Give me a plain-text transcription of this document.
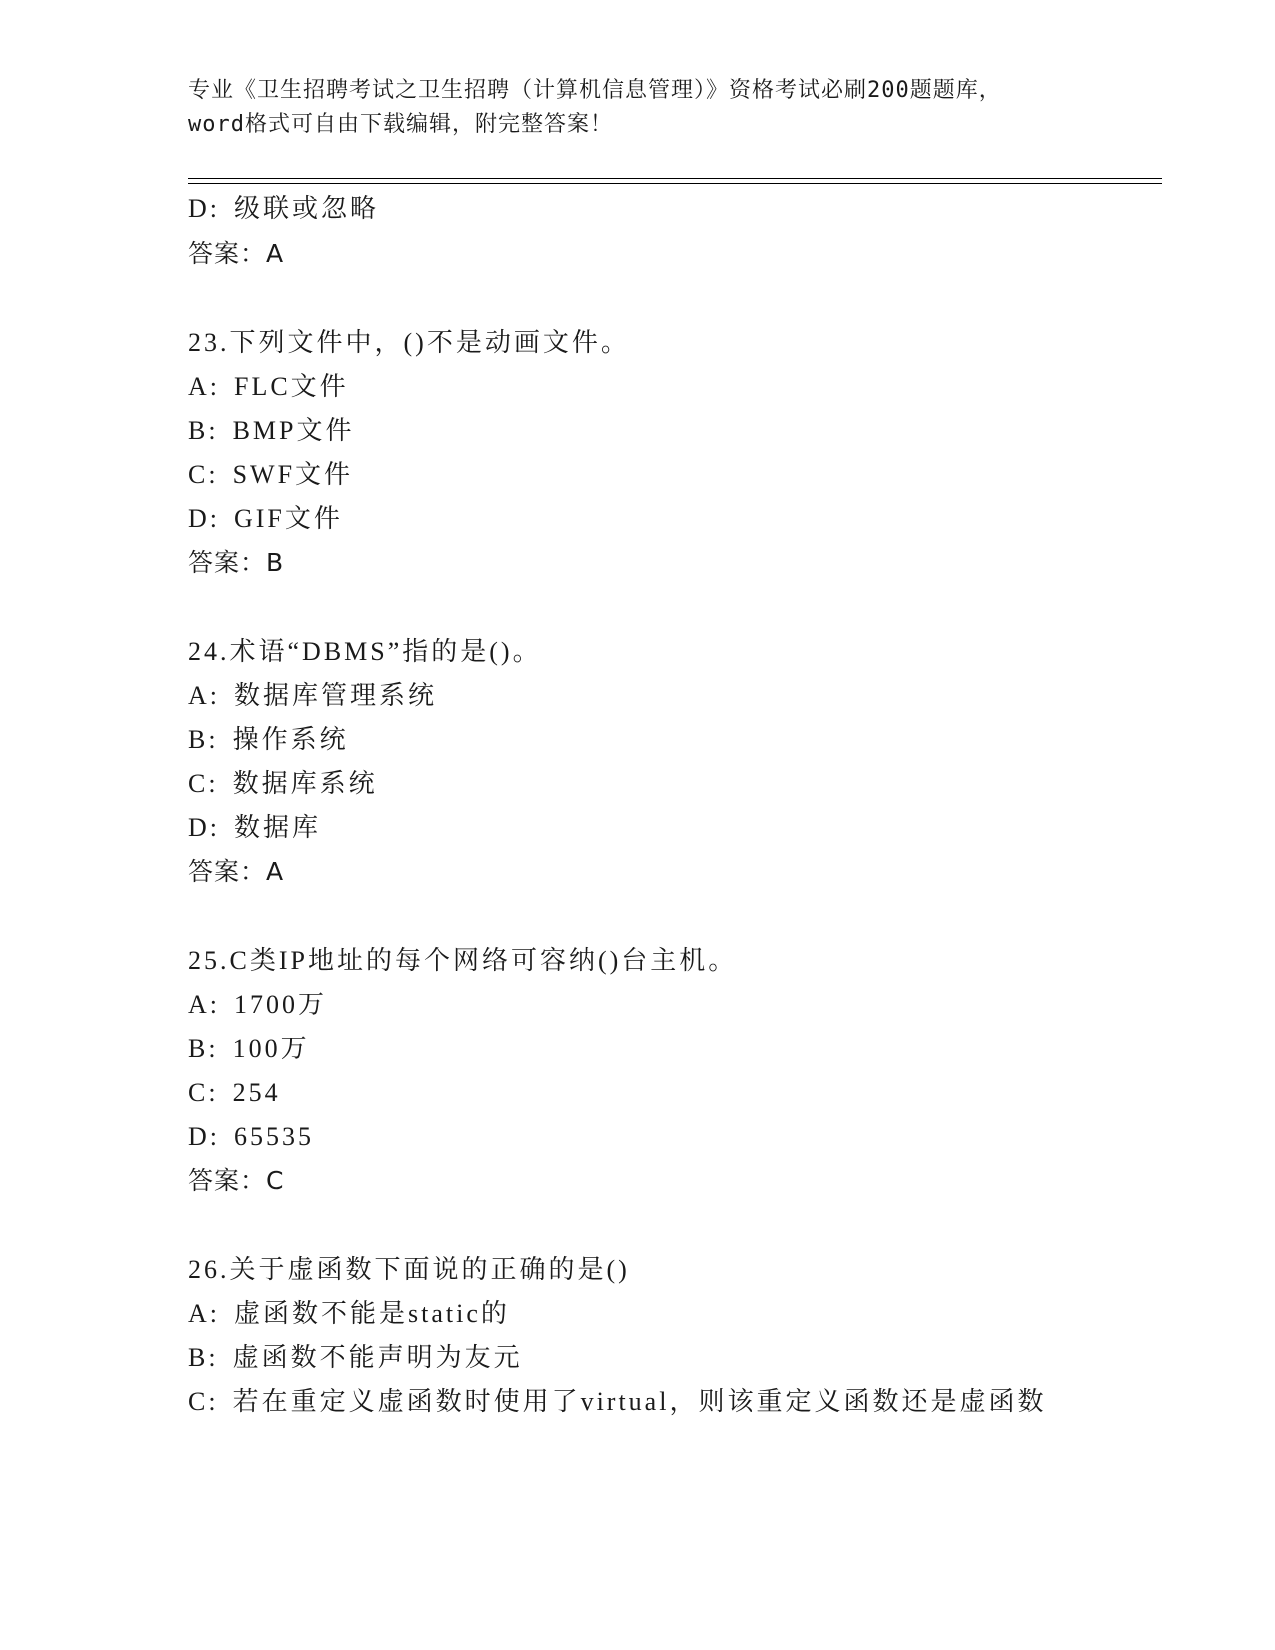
专业《卫生招聘考试之卫生招聘（计算机信息管理）》资格考试必刷200题题库，
word格式可自由下载编辑，附完整答案！
D: 级联或忽略
答案：A
23.下列文件中，()不是动画文件。
A: FLC文件
B: BMP文件
C: SWF文件
D: GIF文件
答案：B
24.术语“DBMS”指的是()。
A: 数据库管理系统
B: 操作系统
C: 数据库系统
D: 数据库
答案：A
25.C类IP地址的每个网络可容纳()台主机。
A: 1700万
B: 100万
C: 254
D: 65535
答案：C
26.关于虚函数下面说的正确的是()
A: 虚函数不能是static的
B: 虚函数不能声明为友元
C: 若在重定义虚函数时使用了virtual，则该重定义函数还是虚函数
